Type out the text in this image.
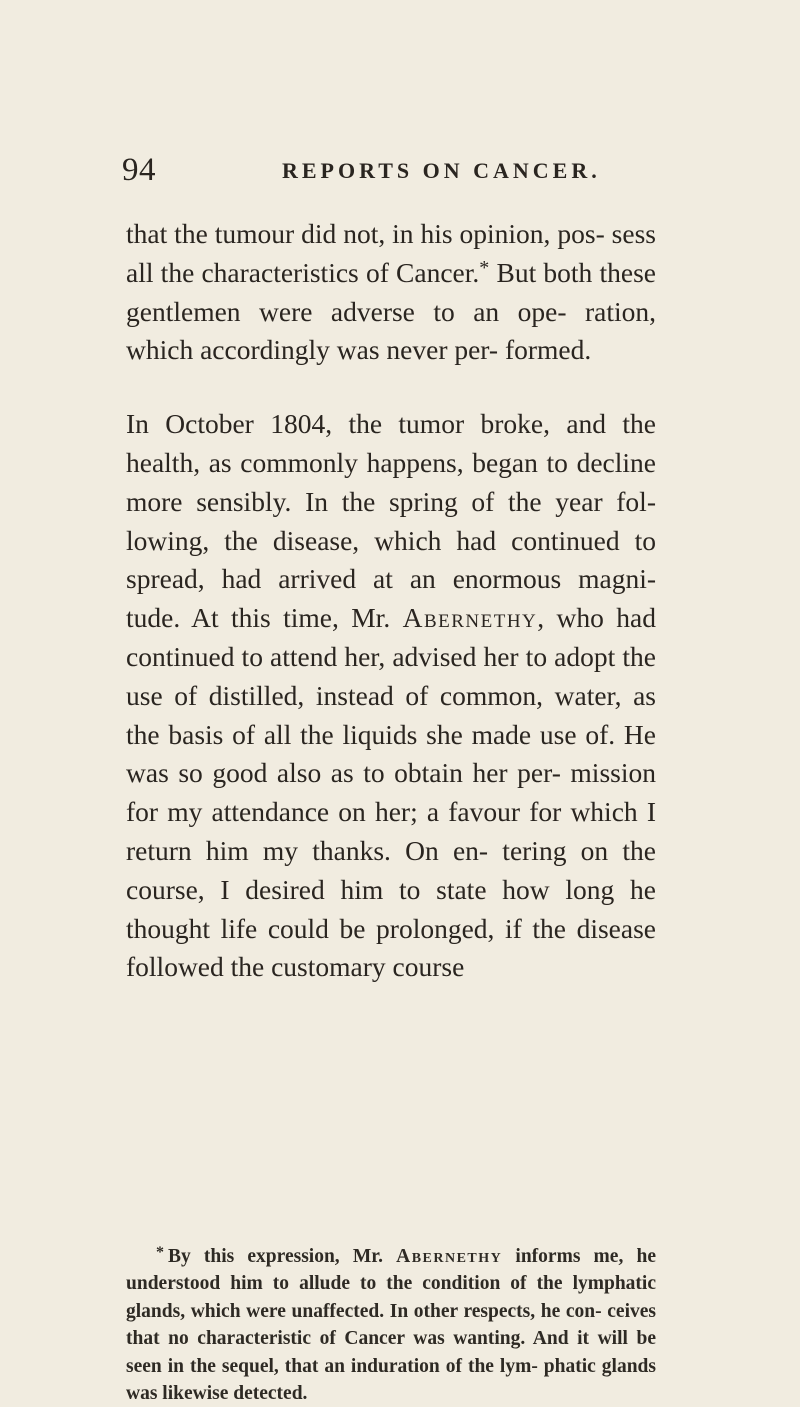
94	REPORTS ON CANCER.

that the tumour did not, in his opinion, pos- sess all the characteristics of Cancer.* But both these gentlemen were adverse to an ope- ration, which accordingly was never per- formed.

In October 1804, the tumor broke, and the health, as commonly happens, began to decline more sensibly. In the spring of the year fol- lowing, the disease, which had continued to spread, had arrived at an enormous magni- tude. At this time, Mr. Abernethy, who had continued to attend her, advised her to adopt the use of distilled, instead of common, water, as the basis of all the liquids she made use of. He was so good also as to obtain her per- mission for my attendance on her; a favour for which I return him my thanks. On en- tering on the course, I desired him to state how long he thought life could be prolonged, if the disease followed the customary course

* By this expression, Mr. Abernethy informs me, he understood him to allude to the condition of the lymphatic glands, which were unaffected. In other respects, he con- ceives that no characteristic of Cancer was wanting. And it will be seen in the sequel, that an induration of the lym- phatic glands was likewise detected.
